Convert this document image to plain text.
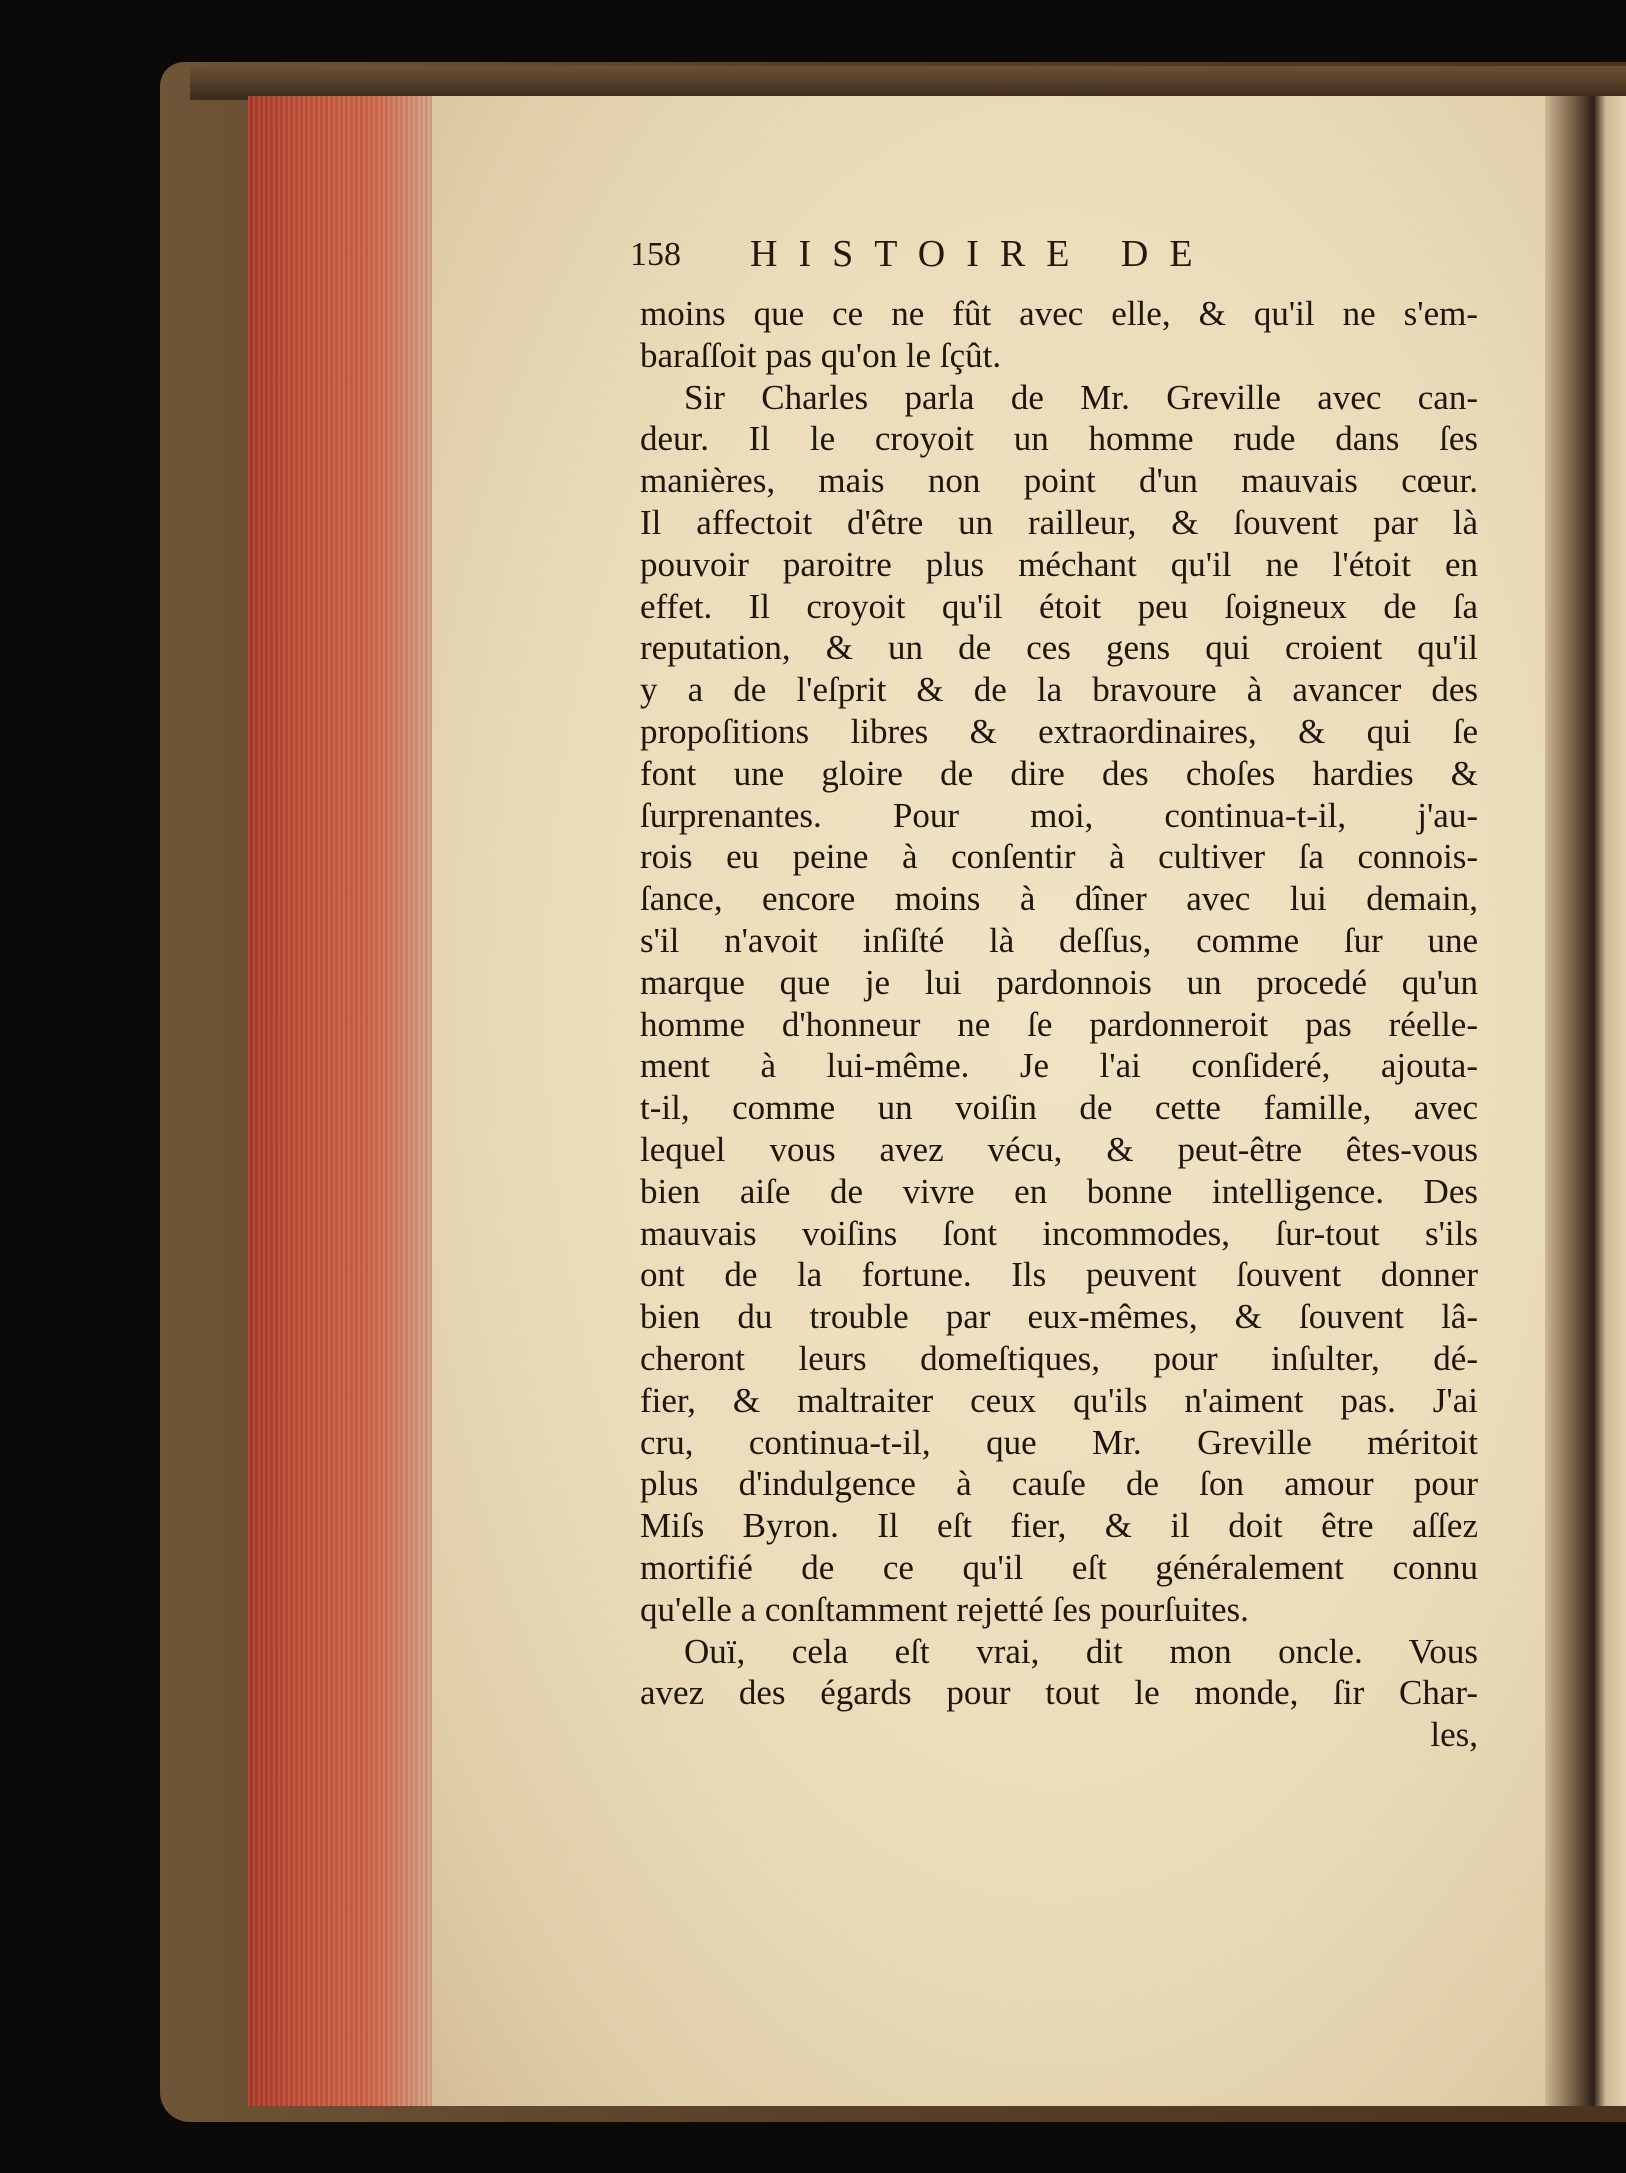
158 HISTOIRE DE
moins que ce ne fût avec elle, & qu'il ne s'em-
baraſſoit pas qu'on le ſçût.
Sir Charles parla de Mr. Greville avec can-
deur. Il le croyoit un homme rude dans ſes
manières, mais non point d'un mauvais cœur.
Il affectoit d'être un railleur, & ſouvent par là
pouvoir paroitre plus méchant qu'il ne l'étoit en
effet. Il croyoit qu'il étoit peu ſoigneux de ſa
reputation, & un de ces gens qui croient qu'il
y a de l'eſprit & de la bravoure à avancer des
propoſitions libres & extraordinaires, & qui ſe
font une gloire de dire des choſes hardies &
ſurprenantes. Pour moi, continua-t-il, j'au-
rois eu peine à conſentir à cultiver ſa connois-
ſance, encore moins à dîner avec lui demain,
s'il n'avoit inſiſté là deſſus, comme ſur une
marque que je lui pardonnois un procedé qu'un
homme d'honneur ne ſe pardonneroit pas réelle-
ment à lui-même. Je l'ai conſideré, ajouta-
t-il, comme un voiſin de cette famille, avec
lequel vous avez vécu, & peut-être êtes-vous
bien aiſe de vivre en bonne intelligence. Des
mauvais voiſins ſont incommodes, ſur-tout s'ils
ont de la fortune. Ils peuvent ſouvent donner
bien du trouble par eux-mêmes, & ſouvent lâ-
cheront leurs domeſtiques, pour inſulter, dé-
fier, & maltraiter ceux qu'ils n'aiment pas. J'ai
cru, continua-t-il, que Mr. Greville méritoit
plus d'indulgence à cauſe de ſon amour pour
Miſs Byron. Il eſt fier, & il doit être aſſez
mortifié de ce qu'il eſt généralement connu
qu'elle a conſtamment rejetté ſes pourſuites.
Ouï, cela eſt vrai, dit mon oncle. Vous
avez des égards pour tout le monde, ſir Char-
les,
